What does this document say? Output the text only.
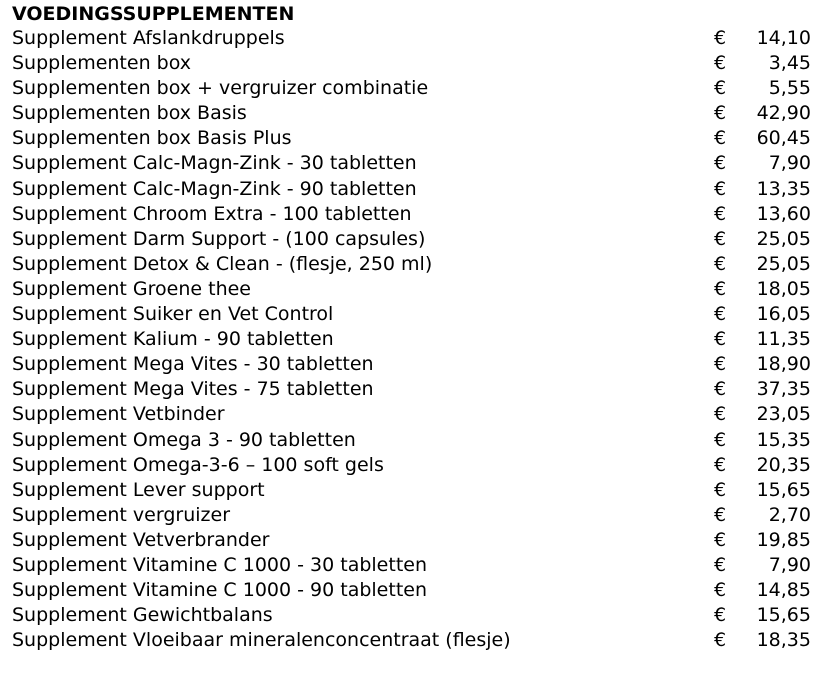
VOEDINGSSUPPLEMENTEN
Supplement Afslankdruppels	€	14,10
Supplementen box	€	3,45
Supplementen box + vergruizer combinatie	€	5,55
Supplementen box Basis	€	42,90
Supplementen box Basis Plus	€	60,45
Supplement Calc-Magn-Zink - 30 tabletten	€	7,90
Supplement Calc-Magn-Zink - 90 tabletten	€	13,35
Supplement Chroom Extra - 100 tabletten	€	13,60
Supplement Darm Support - (100 capsules)	€	25,05
Supplement Detox & Clean - (flesje, 250 ml)	€	25,05
Supplement Groene thee	€	18,05
Supplement Suiker en Vet Control	€	16,05
Supplement Kalium - 90 tabletten	€	11,35
Supplement Mega Vites - 30 tabletten	€	18,90
Supplement Mega Vites - 75 tabletten	€	37,35
Supplement Vetbinder	€	23,05
Supplement Omega 3 - 90 tabletten	€	15,35
Supplement Omega-3-6 – 100 soft gels	€	20,35
Supplement Lever support	€	15,65
Supplement vergruizer	€	2,70
Supplement Vetverbrander	€	19,85
Supplement Vitamine C 1000 - 30 tabletten	€	7,90
Supplement Vitamine C 1000 - 90 tabletten	€	14,85
Supplement Gewichtbalans	€	15,65
Supplement Vloeibaar mineralenconcentraat (flesje)	€	18,35
